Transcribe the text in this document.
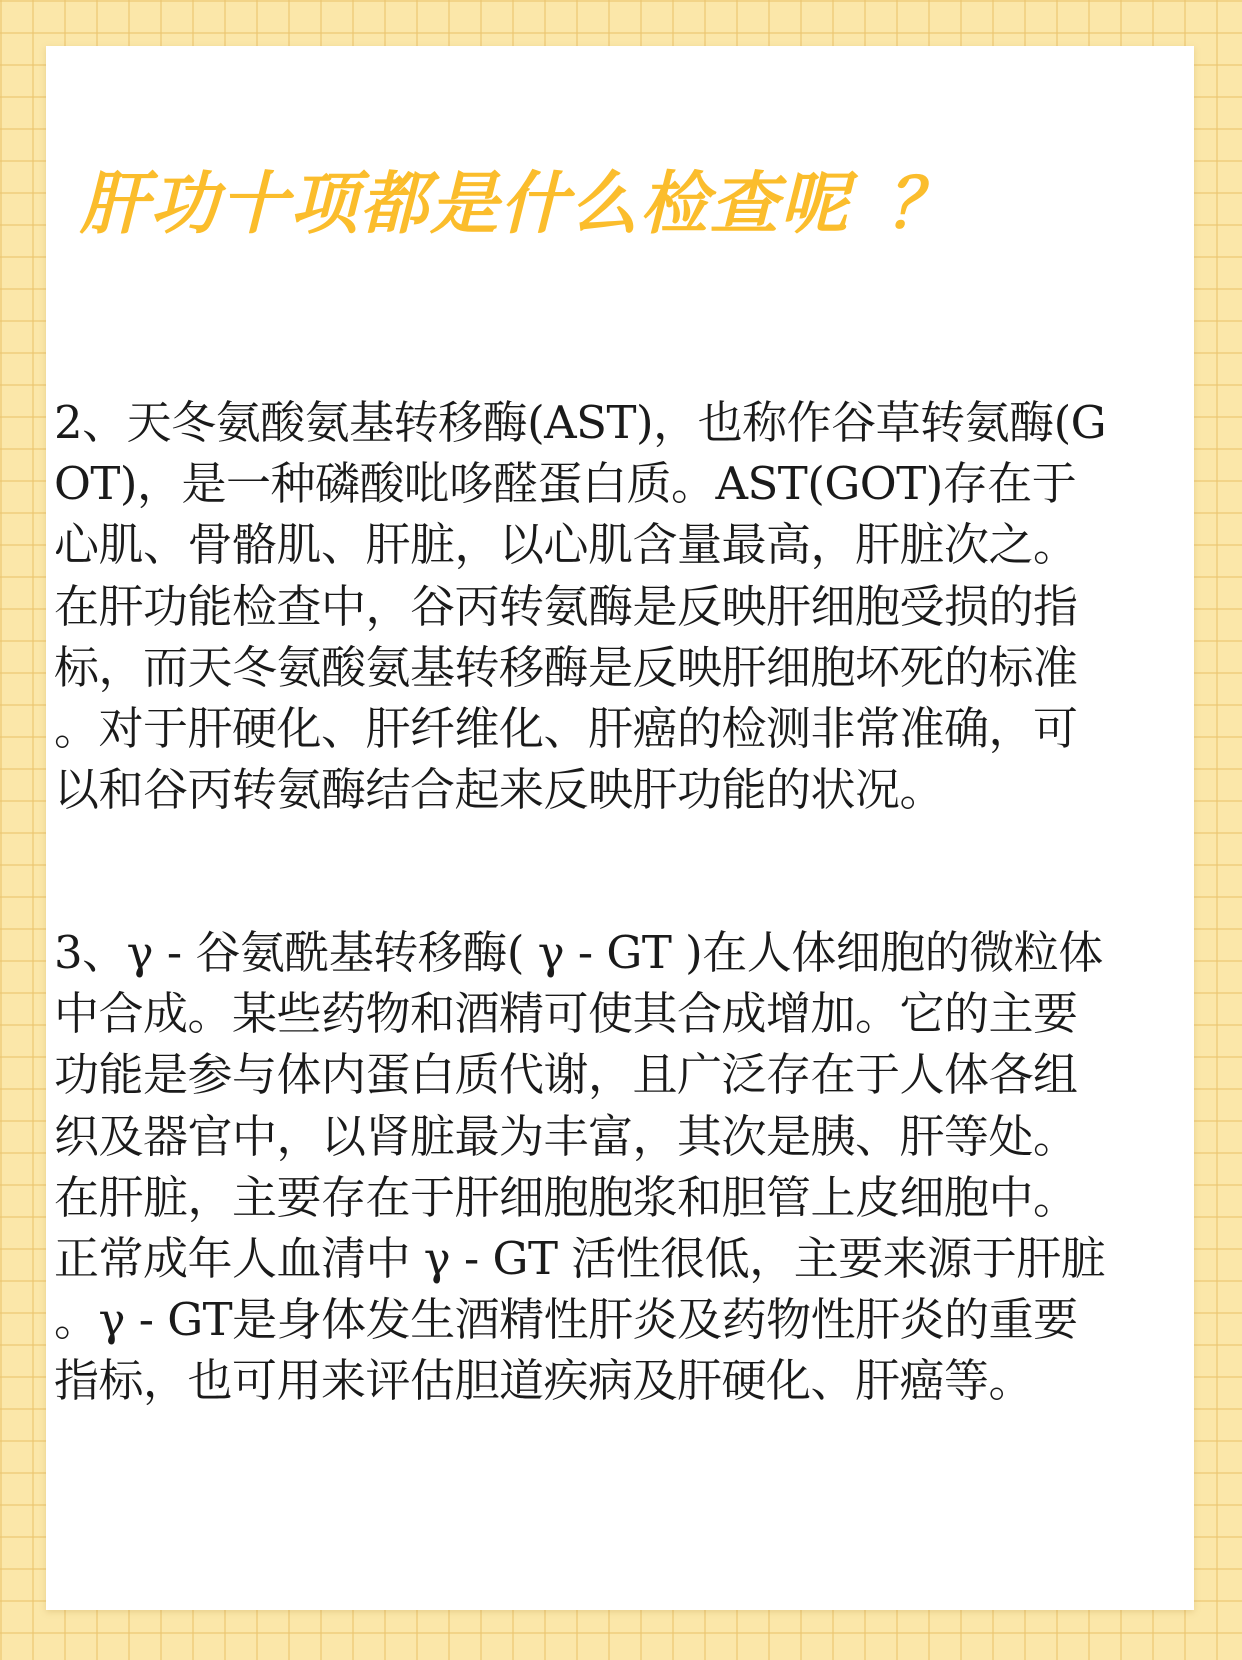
肝功十项都是什么检查呢 ？

2、天冬氨酸氨基转移酶(AST)，也称作谷草转氨酶(G
OT)，是一种磷酸吡哆醛蛋白质。AST(GOT)存在于
心肌、骨骼肌、肝脏，以心肌含量最高，肝脏次之。
在肝功能检查中，谷丙转氨酶是反映肝细胞受损的指
标，而天冬氨酸氨基转移酶是反映肝细胞坏死的标准
。对于肝硬化、肝纤维化、肝癌的检测非常准确，可
以和谷丙转氨酶结合起来反映肝功能的状况。

3、γ - 谷氨酰基转移酶( γ - GT )在人体细胞的微粒体
中合成。某些药物和酒精可使其合成增加。它的主要
功能是参与体内蛋白质代谢，且广泛存在于人体各组
织及器官中，以肾脏最为丰富，其次是胰、肝等处。
在肝脏，主要存在于肝细胞胞浆和胆管上皮细胞中。
正常成年人血清中 γ - GT 活性很低，主要来源于肝脏
。γ - GT是身体发生酒精性肝炎及药物性肝炎的重要
指标，也可用来评估胆道疾病及肝硬化、肝癌等。
